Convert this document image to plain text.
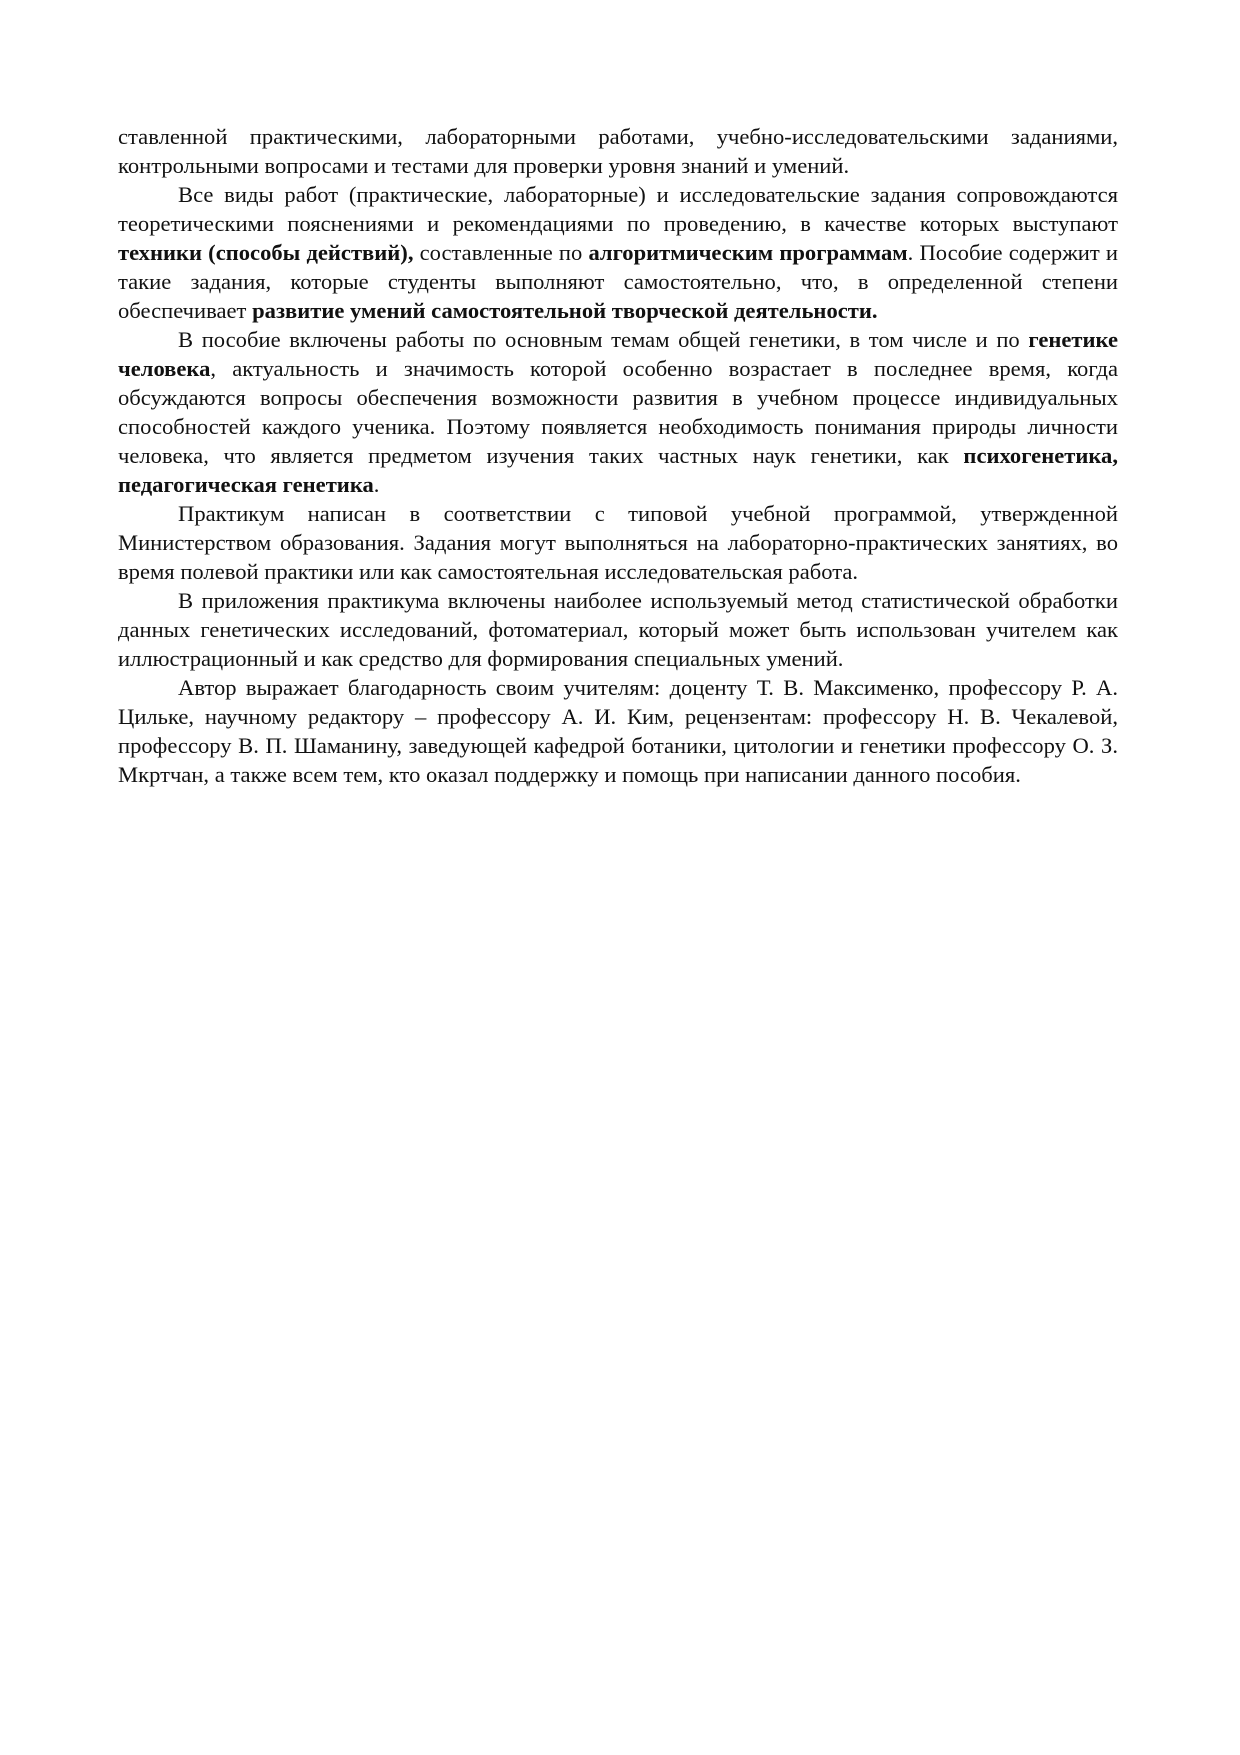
ставленной практическими, лабораторными работами, учебно-исследовательскими заданиями, контрольными вопросами и тестами для проверки уровня знаний и умений.

Все виды работ (практические, лабораторные) и исследовательские задания сопровождаются теоретическими пояснениями и рекомендациями по проведению, в качестве которых выступают техники (способы действий), составленные по алгоритмическим программам. Пособие содержит и такие задания, которые студенты выполняют самостоятельно, что, в определенной степени обеспечивает развитие умений самостоятельной творческой деятельности.

В пособие включены работы по основным темам общей генетики, в том числе и по генетике человека, актуальность и значимость которой особенно возрастает в последнее время, когда обсуждаются вопросы обеспечения возможности развития в учебном процессе индивидуальных способностей каждого ученика. Поэтому появляется необходимость понимания природы личности человека, что является предметом изучения таких частных наук генетики, как психогенетика, педагогическая генетика.

Практикум написан в соответствии с типовой учебной программой, утвержденной Министерством образования. Задания могут выполняться на лабораторно-практических занятиях, во время полевой практики или как самостоятельная исследовательская работа.

В приложения практикума включены наиболее используемый метод статистической обработки данных генетических исследований, фотоматериал, который может быть использован учителем как иллюстрационный и как средство для формирования специальных умений.

Автор выражает благодарность своим учителям: доценту Т. В. Максименко, профессору Р. А. Цильке, научному редактору – профессору А. И. Ким, рецензентам: профессору Н. В. Чекалевой, профессору В. П. Шаманину, заведующей кафедрой ботаники, цитологии и генетики профессору О. З. Мкртчан, а также всем тем, кто оказал поддержку и помощь при написании данного пособия.
